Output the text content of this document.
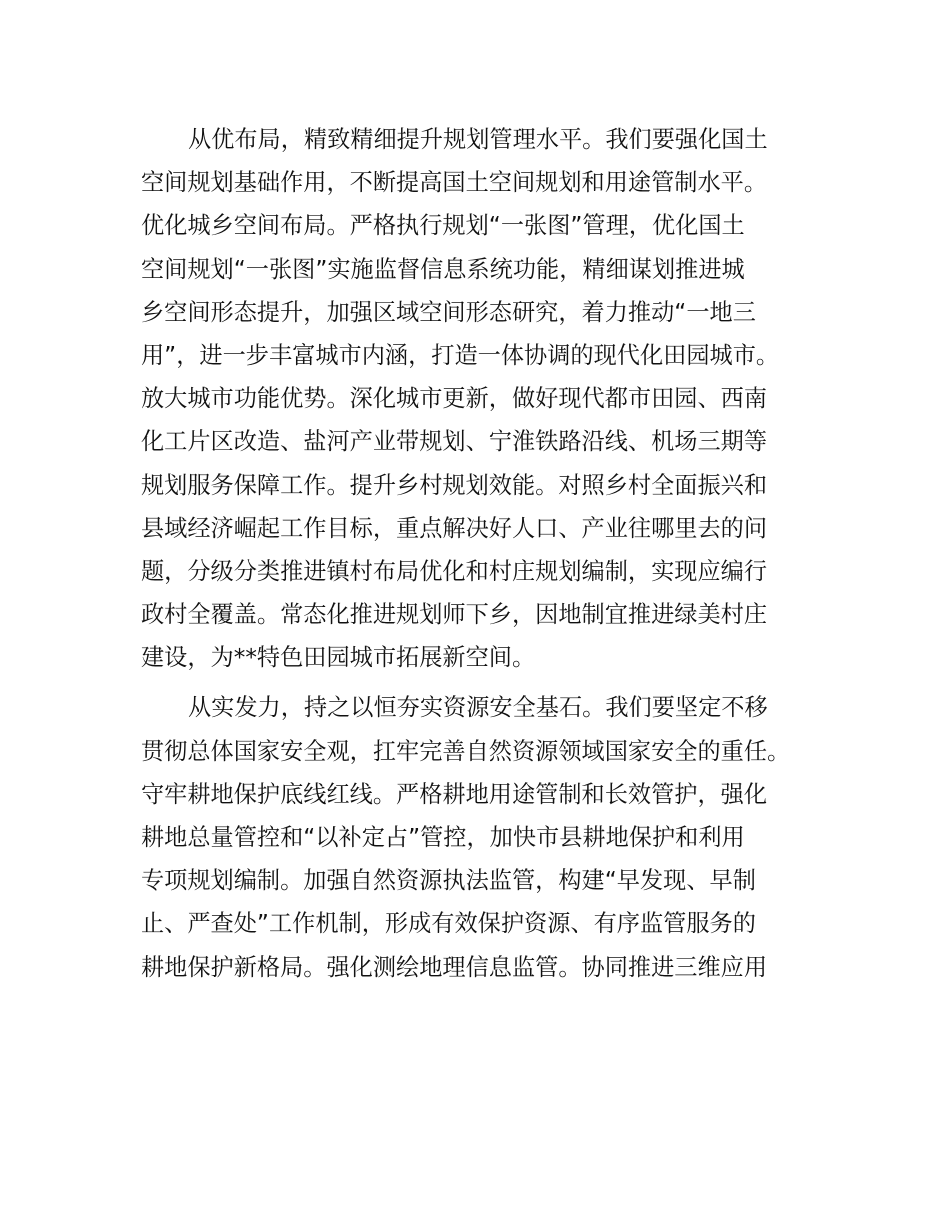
从优布局，精致精细提升规划管理水平。我们要强化国土
空间规划基础作用，不断提高国土空间规划和用途管制水平。
优化城乡空间布局。严格执行规划“一张图”管理，优化国土
空间规划“一张图”实施监督信息系统功能，精细谋划推进城
乡空间形态提升，加强区域空间形态研究，着力推动“一地三
用”，进一步丰富城市内涵，打造一体协调的现代化田园城市。
放大城市功能优势。深化城市更新，做好现代都市田园、西南
化工片区改造、盐河产业带规划、宁淮铁路沿线、机场三期等
规划服务保障工作。提升乡村规划效能。对照乡村全面振兴和
县域经济崛起工作目标，重点解决好人口、产业往哪里去的问
题，分级分类推进镇村布局优化和村庄规划编制，实现应编行
政村全覆盖。常态化推进规划师下乡，因地制宜推进绿美村庄
建设，为**特色田园城市拓展新空间。
从实发力，持之以恒夯实资源安全基石。我们要坚定不移
贯彻总体国家安全观，扛牢完善自然资源领域国家安全的重任。
守牢耕地保护底线红线。严格耕地用途管制和长效管护，强化
耕地总量管控和“以补定占”管控，加快市县耕地保护和利用
专项规划编制。加强自然资源执法监管，构建“早发现、早制
止、严查处”工作机制，形成有效保护资源、有序监管服务的
耕地保护新格局。强化测绘地理信息监管。协同推进三维应用
